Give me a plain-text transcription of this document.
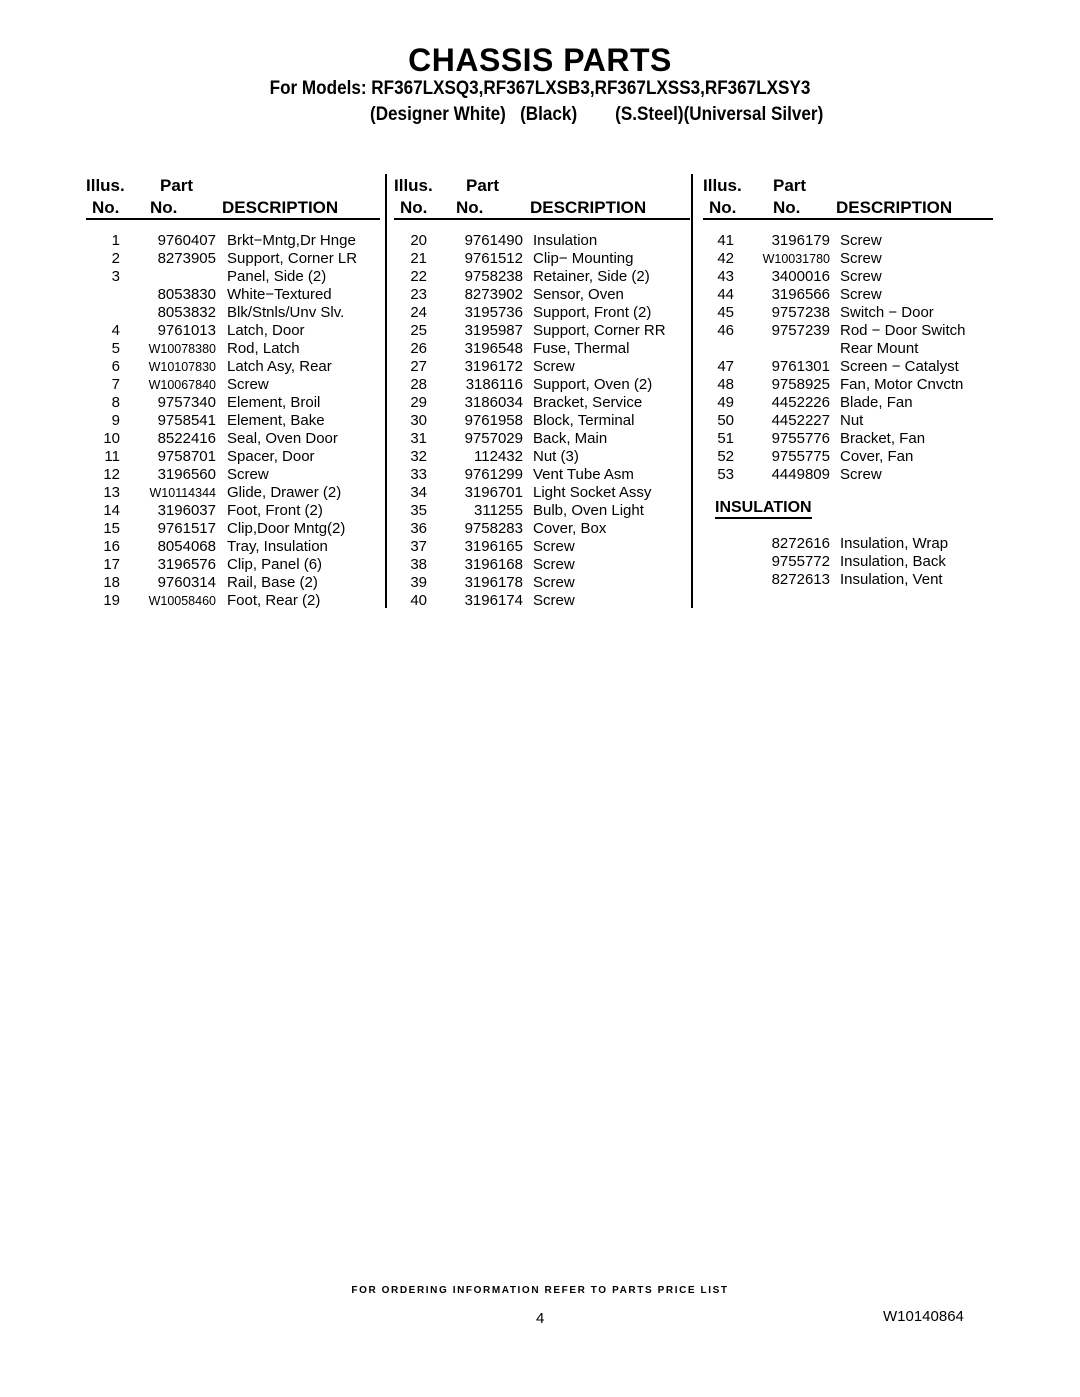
CHASSIS PARTS
For Models: RF367LXSQ3,RF367LXSB3,RF367LXSS3,RF367LXSY3
(Designer White) (Black) (S.Steel)(Universal Silver)
Illus.
No.
Part
No.	DESCRIPTION
1	9760407 Brkt−Mntg,Dr Hnge
2	8273905 Support, Corner LR
3	Panel, Side (2)
8053830 White−Textured
8053832 Blk/Stnls/Unv Slv.
4	9761013 Latch, Door
5	W10078380 Rod, Latch
6	W10107830 Latch Asy, Rear
7	W10067840 Screw
8	9757340 Element, Broil
9	9758541 Element, Bake
10	8522416 Seal, Oven Door
11	9758701 Spacer, Door
12	3196560 Screw
13	W10114344 Glide, Drawer (2)
14	3196037 Foot, Front (2)
15	9761517 Clip,Door Mntg(2)
16	8054068 Tray, Insulation
17	3196576 Clip, Panel (6)
18	9760314 Rail, Base (2)
19	W10058460 Foot, Rear (2)
Illus.
No.
Part
No.	DESCRIPTION
20	9761490 Insulation
21	9761512 Clip− Mounting
22	9758238 Retainer, Side (2)
23	8273902 Sensor, Oven
24	3195736 Support, Front (2)
25	3195987 Support, Corner RR
26	3196548 Fuse, Thermal
27	3196172 Screw
28	3186116 Support, Oven (2)
29	3186034 Bracket, Service
30	9761958 Block, Terminal
31	9757029 Back, Main
32	112432 Nut (3)
33	9761299 Vent Tube Asm
34	3196701 Light Socket Assy
35	311255 Bulb, Oven Light
36	9758283 Cover, Box
37	3196165 Screw
38	3196168 Screw
39	3196178 Screw
40	3196174 Screw
Illus.
No.
Part
No. DESCRIPTION
41	3196179 Screw
42	W10031780 Screw
43	3400016 Screw
44	3196566 Screw
45	9757238 Switch − Door
46	9757239 Rod − Door Switch
Rear Mount
47	9761301 Screen − Catalyst
48	9758925 Fan, Motor Cnvctn
49	4452226 Blade, Fan
50	4452227 Nut
51	9755776 Bracket, Fan
52	9755775 Cover, Fan
53	4449809 Screw
INSULATION
8272616 Insulation, Wrap
9755772 Insulation, Back
8272613 Insulation, Vent
FOR ORDERING INFORMATION REFER TO PARTS PRICE LIST
4	W10140864
